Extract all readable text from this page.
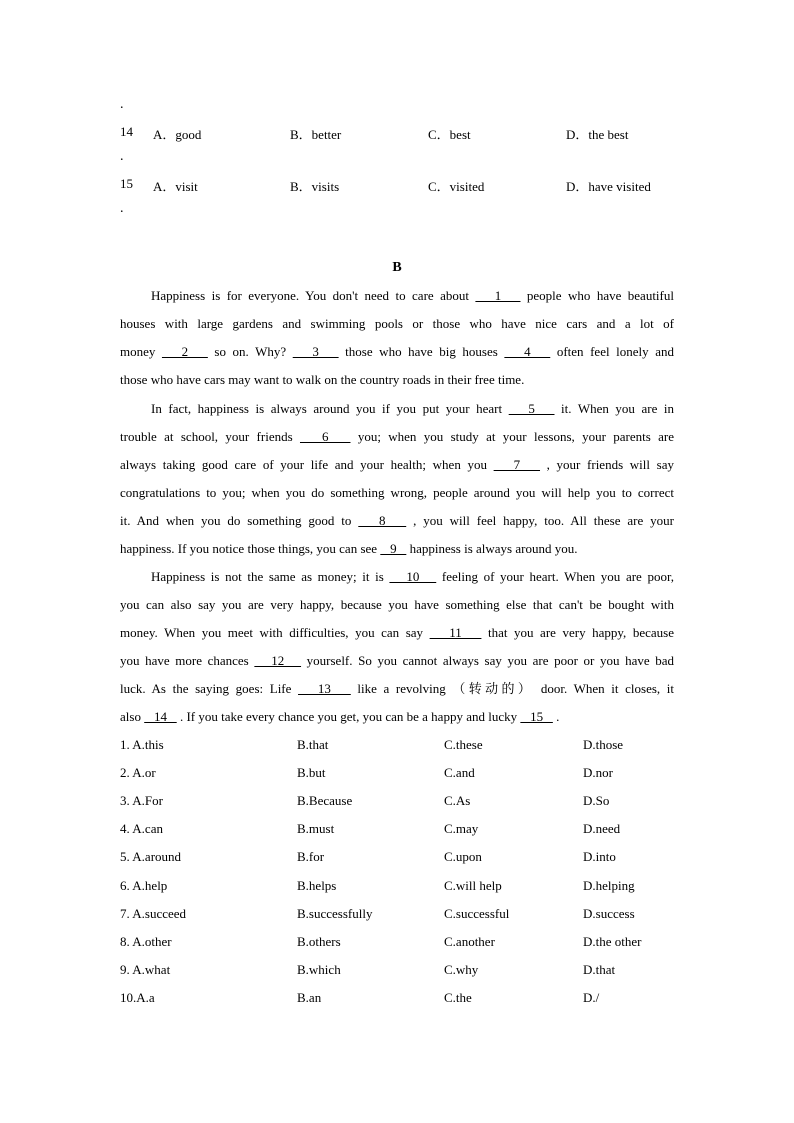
.
14 A．good	B．better	C．best	D．the best
.
15 A．visit	B．visits	C．visited	D．have visited
.
B
Happiness is for everyone. You don't need to care about    1    people who have beautiful
houses with large gardens and swimming pools or those who have nice cars and a lot of
money    2    so on. Why?    3    those who have big houses    4    often feel lonely and
those who have cars may want to walk on the country roads in their free time.
In fact, happiness is always around you if you put your heart    5    it. When you are in
trouble at school, your friends    6    you; when you study at your lessons, your parents are
always taking good care of your life and your health; when you    7    , your friends will say
congratulations to you; when you do something wrong, people around you will help you to correct
it. And when you do something good to    8    , you will feel happy, too. All these are your
happiness. If you notice those things, you can see    9    happiness is always around you.
Happiness is not the same as money; it is    10    feeling of your heart. When you are poor,
you can also say you are very happy, because you have something else that can't be bought with
money. When you meet with difficulties, you can say    11    that you are very happy, because
you have more chances    12    yourself. So you cannot always say you are poor or you have bad
luck. As the saying goes: Life    13    like a revolving （转动的） door. When it closes, it
also    14    . If you take every chance you get, you can be a happy and lucky    15    .
1. A.this	B.that	C.these	D.those
2. A.or	B.but	C.and	D.nor
3. A.For	B.Because	C.As	D.So
4. A.can	B.must	C.may	D.need
5. A.around	B.for	C.upon	D.into
6. A.help	B.helps	C.will help	D.helping
7. A.succeed	B.successfully	C.successful	D.success
8. A.other	B.others	C.another	D.the other
9. A.what	B.which	C.why	D.that
10.A.a	B.an	C.the	D./
